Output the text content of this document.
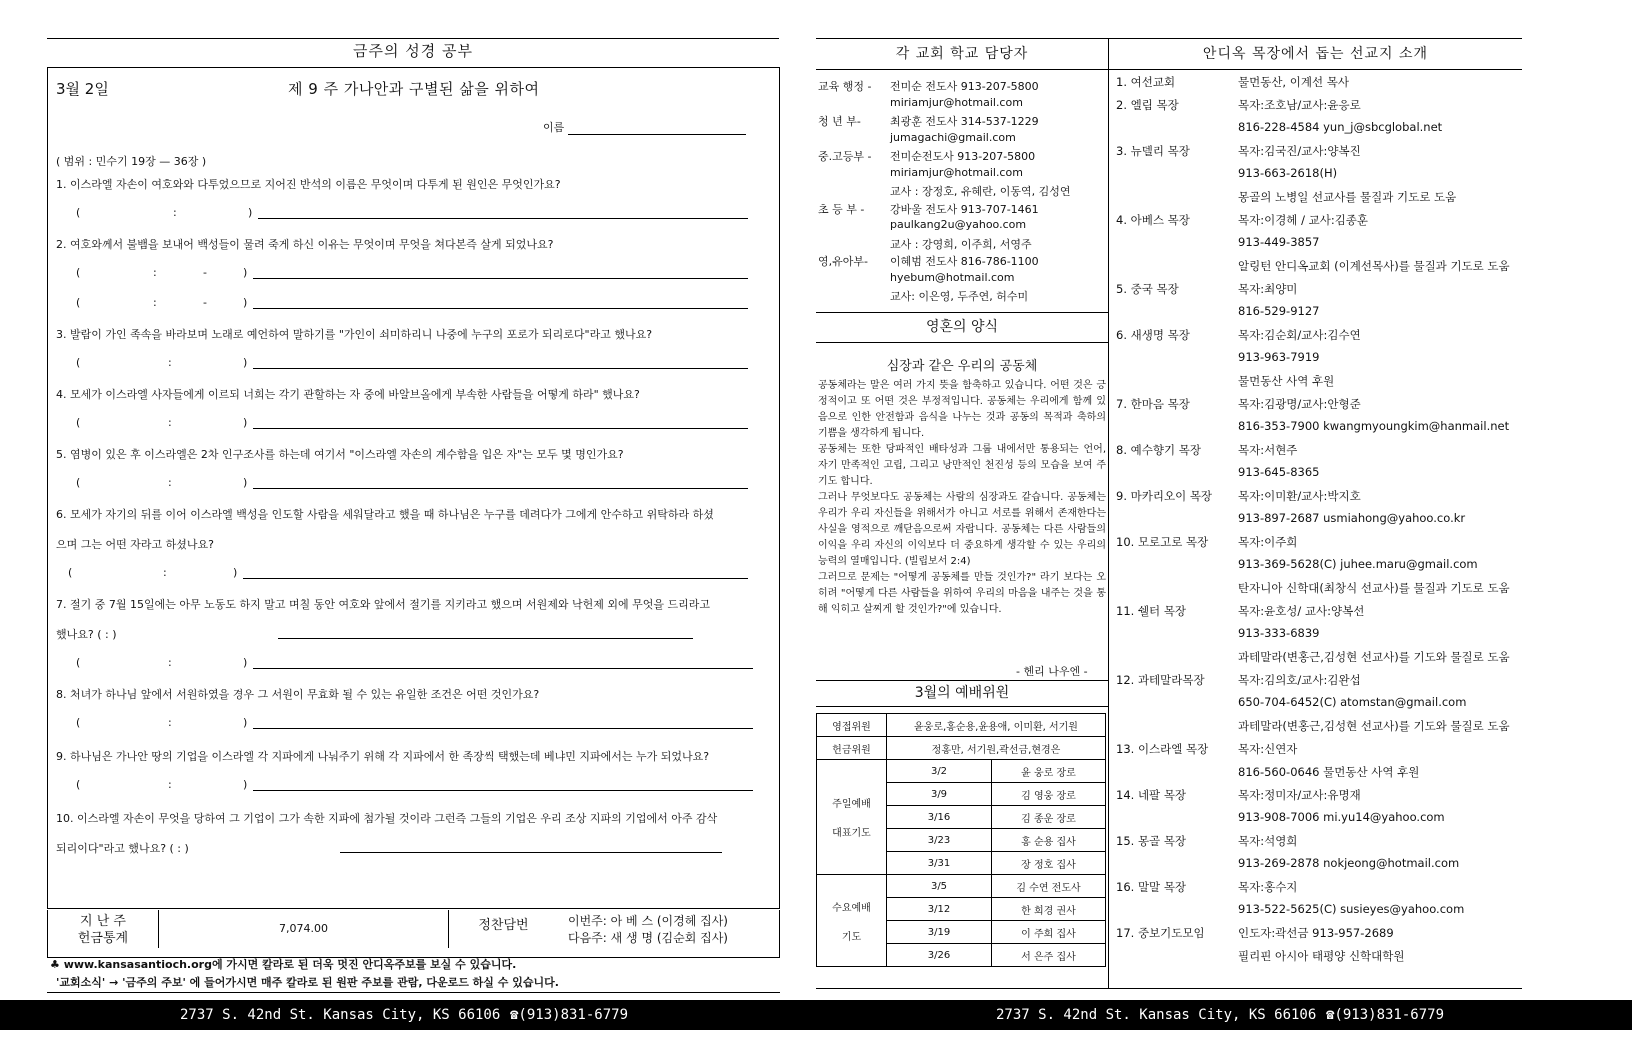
금주의 성경 공부
3월 2일	제 9 주 가나안과 구별된 삶을 위하여
이름
( 범위 : 민수기 19장 — 36장 )
1. 이스라엘 자손이 여호와와 다투었으므로 지어진 반석의 이름은 무엇이며 다투게 된 원인은 무엇인가요?
(	:	)
2. 여호와께서 불뱀을 보내어 백성들이 물려 죽게 하신 이유는 무엇이며 무엇을 쳐다본즉 살게 되었나요?
(	:	-	)
(	:	-	)
3. 발람이 가인 족속을 바라보며 노래로 예언하여 말하기를 "가인이 쇠미하리니 나중에 누구의 포로가 되리로다"라고 했나요?
(	:	)
4. 모세가 이스라엘 사자들에게 이르되 너희는 각기 관할하는 자 중에 바알브올에게 부속한 사람들을 어떻게 하라" 했나요?
(	:	)
5. 염병이 있은 후 이스라엘은 2차 인구조사를 하는데 여기서 "이스라엘 자손의 계수함을 입은 자"는 모두 몇 명인가요?
(	:	)
6. 모세가 자기의 뒤를 이어 이스라엘 백성을 인도할 사람을 세워달라고 했을 때 하나님은 누구를 데려다가 그에게 안수하고 위탁하라 하셨
으며 그는 어떤 자라고 하셨나요?
(	:	)
7. 절기 중 7월 15일에는 아무 노동도 하지 말고 며칠 동안 여호와 앞에서 절기를 지키라고 했으며 서원제와 낙헌제 외에 무엇을 드리라고
했나요? ( : )
(	:	)
8. 처녀가 하나님 앞에서 서원하였을 경우 그 서원이 무효화 될 수 있는 유일한 조건은 어떤 것인가요?
(	:	)
9. 하나님은 가나안 땅의 기업을 이스라엘 각 지파에게 나눠주기 위해 각 지파에서 한 족장씩 택했는데 베냐민 지파에서는 누가 되었나요?
(	:	)
10. 이스라엘 자손이 무엇을 당하여 그 기업이 그가 속한 지파에 첨가될 것이라 그런즉 그들의 기업은 우리 조상 지파의 기업에서 아주 감삭
되리이다"라고 했나요? ( : )
지 난 주
헌금통계
7,074.00	정찬담번	이번주: 아 베 스 (이경헤 집사)
다음주: 새 생 명 (김순회 집사)
♣ www.kansasantioch.org에 가시면 칼라로 된 더욱 멋진 안디옥주보를 보실 수 있습니다.
'교회소식' → '금주의 주보' 에 들어가시면 매주 칼라로 된 원판 주보를 관람, 다운로드 하실 수 있습니다.
2737 S. 42nd St. Kansas City, KS 66106 ☎(913)831-6779
각 교회 학교 담당자	안디옥 목장에서 돕는 선교지 소개
교육 행정 -	전미순 전도사 913-207-5800
miriamjur@hotmail.com
청 년 부-	최광훈 전도사 314-537-1229
jumagachi@gmail.com
중.고등부 -	전미순전도사 913-207-5800
miriamjur@hotmail.com
교사 : 장정호, 유혜란, 이동역, 김성연
초 등 부 -	강바울 전도사 913-707-1461
paulkang2u@yahoo.com
교사 : 강영희, 이주희, 서영주
영,유아부-	이혜범 전도사 816-786-1100
hyebum@hotmail.com
교사: 이은영, 두주연, 허수미
영혼의 양식
심장과 같은 우리의 공동체

공동체라는 말은 여러 가지 뜻을 함축하고 있습니다. 어떤 것은 긍정적이고 또 어떤 것은 부정적입니다. 공동체는 우리에게 함께 있음으로 인한 안전함과 음식을 나누는 것과 공동의 목적과 축하의 기쁨을 생각하게 됩니다.

공동체는 또한 당파적인 배타성과 그룹 내에서만 통용되는 언어, 자기 만족적인 고립, 그리고 낭만적인 천진성 등의 모습을 보여 주기도 합니다.

그러나 무엇보다도 공동체는 사람의 심장과도 같습니다. 공동체는 우리가 우리 자신들을 위해서가 아니고 서로를 위해서 존재한다는 사실을 영적으로 깨닫음으로써 자랍니다. 공동체는 다른 사람들의 이익을 우리 자신의 이익보다 더 중요하게 생각할 수 있는 우리의 능력의 열매입니다. (빌립보서 2:4)

그러므로 문제는 "어떻게 공동체를 만들 것인가?" 라기 보다는 오히려 "어떻게 다른 사람들을 위하여 우리의 마음을 내주는 것을 통해 익히고 살찌게 할 것인가?"에 있습니다.

- 헨리 나우엔 -
3월의 예배위원
영접위원	윤웅로,홍순용,윤용애, 이미환, 서기원	
헌금위원	정홍만, 서기원,곽선금,현경은	

주일예배
대표기도	3/2	윤 웅로 장로
	3/9	김 영웅 장로
	3/16	김 종운 장로
	3/23	홍 순용 집사
	3/31	장 정호 집사

수요예배
기도	3/5	김 수연 전도사
	3/12	한 희경 권사
	3/19	이 주희 집사
	3/26	서 은주 집사
1. 여선교회	물먼동산, 이계선 목사
2. 엘림 목장	목자:조호남/교사:윤응로
816-228-4584 yun_j@sbcglobal.net
3. 뉴델리 목장	목자:김국진/교사:양복진
913-663-2618(H)
몽골의 노병일 선교사를 물질과 기도로 도움
4. 아베스 목장	목자:이경헤 / 교사:김종훈
913-449-3857
알링턴 안디옥교회 (이계선목사)를 물질과 기도로 도움
5. 중국 목장	목자:최양미
816-529-9127
6. 새생명 목장	목자:김순회/교사:김수연
913-963-7919
물먼동산 사역 후원
7. 한마음 목장	목자:김광명/교사:안형준
816-353-7900 kwangmyoungkim@hanmail.net
8. 예수향기 목장	목자:서현주
913-645-8365
9. 마카리오이 목장 목자:이미환/교사:박지호
913-897-2687 usmiahong@yahoo.co.kr
10. 모로고로 목장	목자:이주희
913-369-5628(C) juhee.maru@gmail.com
탄자니아 신학대(최창식 선교사)를 물질과 기도로 도움
11. 쉘터 목장	목자:윤호성/ 교사:양복선
913-333-6839
과테말라(변홍근,김성현 선교사)를 기도와 물질로 도움
12. 과테말라목장	목자:김의호/교사:김완섭
650-704-6452(C) atomstan@gmail.com
과테말라(변홍근,김성현 선교사)를 기도와 물질로 도움
13. 이스라엘 목장	목자:신연자
816-560-0646 물먼동산 사역 후원
14. 네팔 목장	목자:정미자/교사:유명재
913-908-7006 mi.yu14@yahoo.com
15. 몽골 목장	목자:석영희
913-269-2878 nokjeong@hotmail.com
16. 말말 목장	목자:홍수지
913-522-5625(C) susieyes@yahoo.com
17. 중보기도모임	인도자:곽선금 913-957-2689
필리핀 아시아 태평양 신학대학원
2737 S. 42nd St. Kansas City, KS 66106 ☎(913)831-6779
